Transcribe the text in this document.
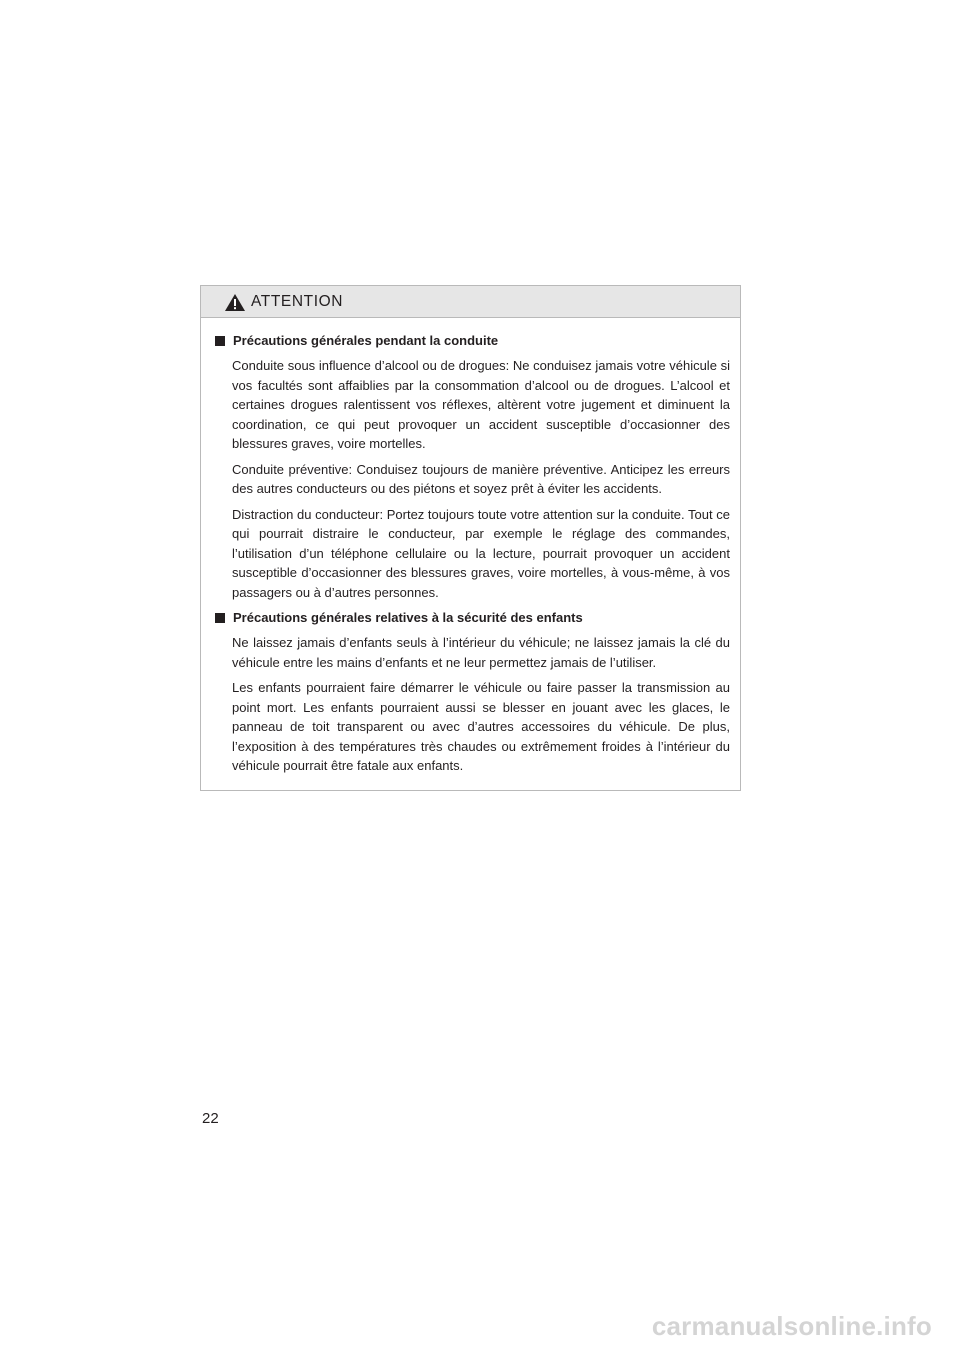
ATTENTION
Précautions générales pendant la conduite

Conduite sous influence d’alcool ou de drogues: Ne conduisez jamais votre véhicule si vos facultés sont affaiblies par la consommation d’alcool ou de drogues. L’alcool et certaines drogues ralentissent vos réflexes, altèrent votre jugement et diminuent la coordination, ce qui peut provoquer un accident susceptible d’occasionner des blessures graves, voire mortelles.

Conduite préventive: Conduisez toujours de manière préventive. Anticipez les erreurs des autres conducteurs ou des piétons et soyez prêt à éviter les accidents.

Distraction du conducteur: Portez toujours toute votre attention sur la conduite. Tout ce qui pourrait distraire le conducteur, par exemple le réglage des commandes, l’utilisation d’un téléphone cellulaire ou la lecture, pourrait provoquer un accident susceptible d’occasionner des blessures graves, voire mortelles, à vous-même, à vos passagers ou à d’autres personnes.

Précautions générales relatives à la sécurité des enfants

Ne laissez jamais d’enfants seuls à l’intérieur du véhicule; ne laissez jamais la clé du véhicule entre les mains d’enfants et ne leur permettez jamais de l’utiliser.

Les enfants pourraient faire démarrer le véhicule ou faire passer la transmission au point mort. Les enfants pourraient aussi se blesser en jouant avec les glaces, le panneau de toit transparent ou avec d’autres accessoires du véhicule. De plus, l’exposition à des températures très chaudes ou extrêmement froides à l’intérieur du véhicule pourrait être fatale aux enfants.

22
carmanualsonline.info
